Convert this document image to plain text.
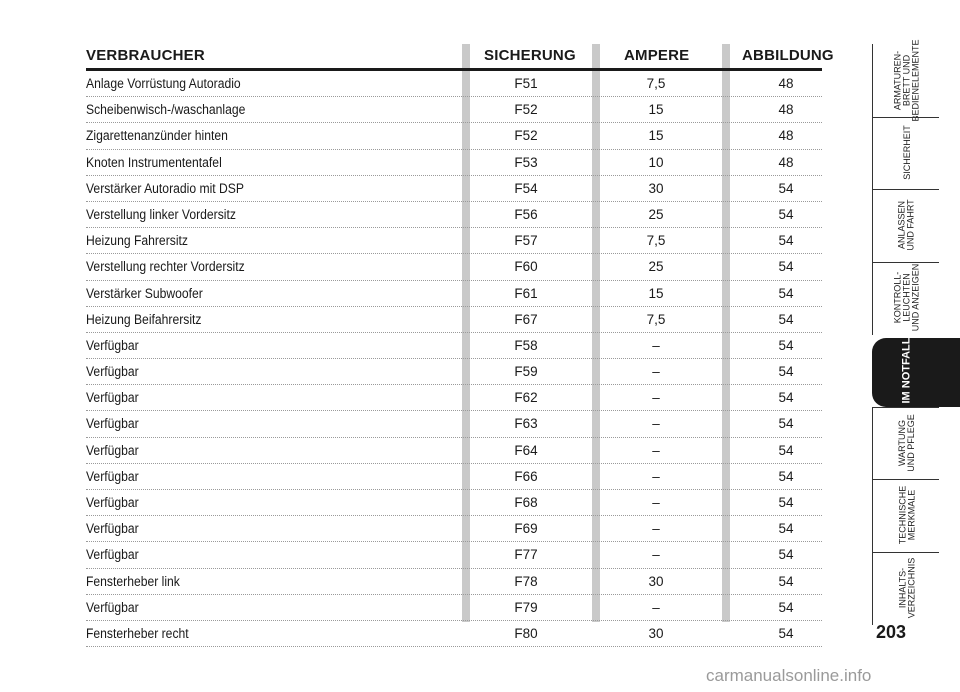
VERBRAUCHER	SICHERUNG	AMPERE	ABBILDUNG
Anlage Vorrüstung Autoradio	F51	7,5	48
Scheibenwisch-/waschanlage	F52	15	48
Zigarettenanzünder hinten	F52	15	48
Knoten Instrumententafel	F53	10	48
Verstärker Autoradio mit DSP	F54	30	54
Verstellung linker Vordersitz	F56	25	54
Heizung Fahrersitz	F57	7,5	54
Verstellung rechter Vordersitz	F60	25	54
Verstärker Subwoofer	F61	15	54
Heizung Beifahrersitz	F67	7,5	54
Verfügbar	F58	–	54
Verfügbar	F59	–	54
Verfügbar	F62	–	54
Verfügbar	F63	–	54
Verfügbar	F64	–	54
Verfügbar	F66	–	54
Verfügbar	F68	–	54
Verfügbar	F69	–	54
Verfügbar	F77	–	54
Fensterheber link	F78	30	54
Verfügbar	F79	–	54
Fensterheber recht	F80	30	54
ARMATUREN-
BRETT UND
BEDIENELEMENTE
SICHERHEIT
ANLASSEN
UND FAHRT
KONTROLL-
LEUCHTEN
UND ANZEIGEN
IM NOTFALL
WARTUNG
UND PFLEGE
TECHNISCHE
MERKMALE
INHALTS-
VERZEICHNIS
203
carmanualsonline.info
